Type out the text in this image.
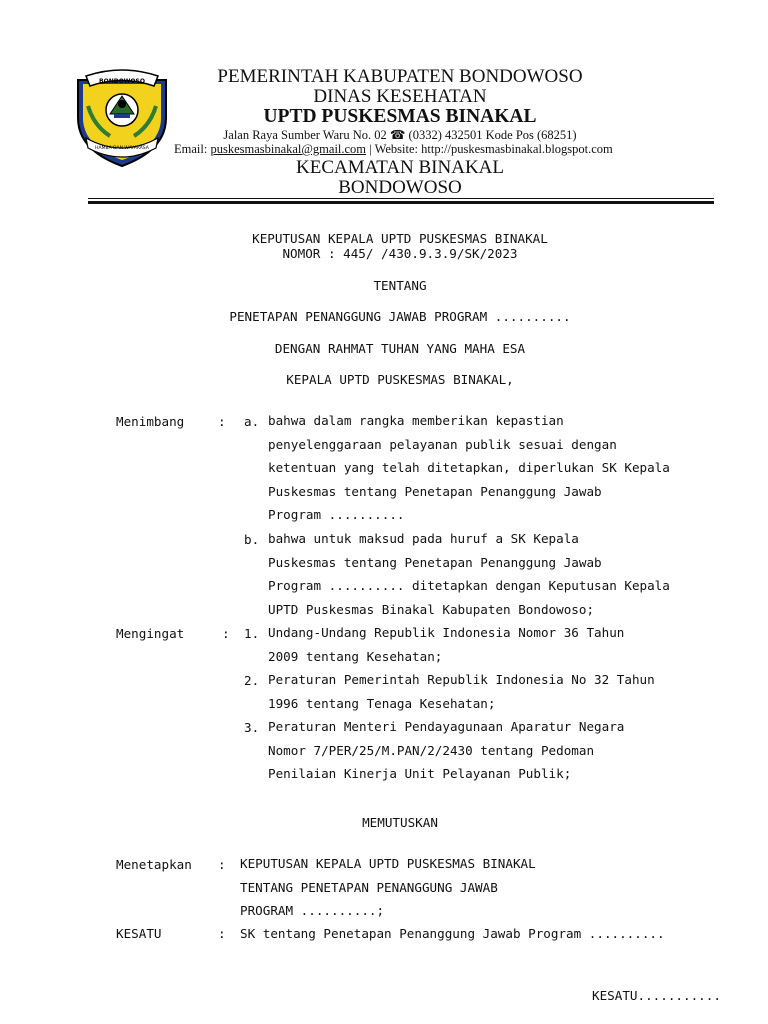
BONDOWOSO
HAMBA DAN WAYARASA
PEMERINTAH KABUPATEN BONDOWOSO
DINAS KESEHATAN
UPTD PUSKESMAS BINAKAL
Jalan Raya Sumber Waru No. 02 ☎ (0332) 432501 Kode Pos (68251)
Email: puskesmasbinakal@gmail.com | Website: http://puskesmasbinakal.blogspot.com
KECAMATAN BINAKAL
BONDOWOSO
KEPUTUSAN KEPALA UPTD PUSKESMAS BINAKAL
NOMOR : 445/ /430.9.3.9/SK/2023
TENTANG
PENETAPAN PENANGGUNG JAWAB PROGRAM ..........
DENGAN RAHMAT TUHAN YANG MAHA ESA
KEPALA UPTD PUSKESMAS BINAKAL,
Menimbang	: a. bahwa dalam rangka memberikan kepastian
penyelenggaraan pelayanan publik sesuai dengan
ketentuan yang telah ditetapkan, diperlukan SK Kepala
Puskesmas tentang Penetapan Penanggung Jawab
Program ..........
b. bahwa untuk maksud pada huruf a SK Kepala
Puskesmas tentang Penetapan Penanggung Jawab
Program .......... ditetapkan dengan Keputusan Kepala
UPTD Puskesmas Binakal Kabupaten Bondowoso;
Mengingat	: 1. Undang-Undang Republik Indonesia Nomor 36 Tahun
2009 tentang Kesehatan;
2. Peraturan Pemerintah Republik Indonesia No 32 Tahun
1996 tentang Tenaga Kesehatan;
3. Peraturan Menteri Pendayagunaan Aparatur Negara
Nomor 7/PER/25/M.PAN/2/2430 tentang Pedoman
Penilaian Kinerja Unit Pelayanan Publik;
MEMUTUSKAN
Menetapkan : KEPUTUSAN KEPALA UPTD PUSKESMAS BINAKAL
TENTANG PENETAPAN PENANGGUNG JAWAB
PROGRAM ..........;
KESATU	: SK tentang Penetapan Penanggung Jawab Program ..........
KESATU...........
